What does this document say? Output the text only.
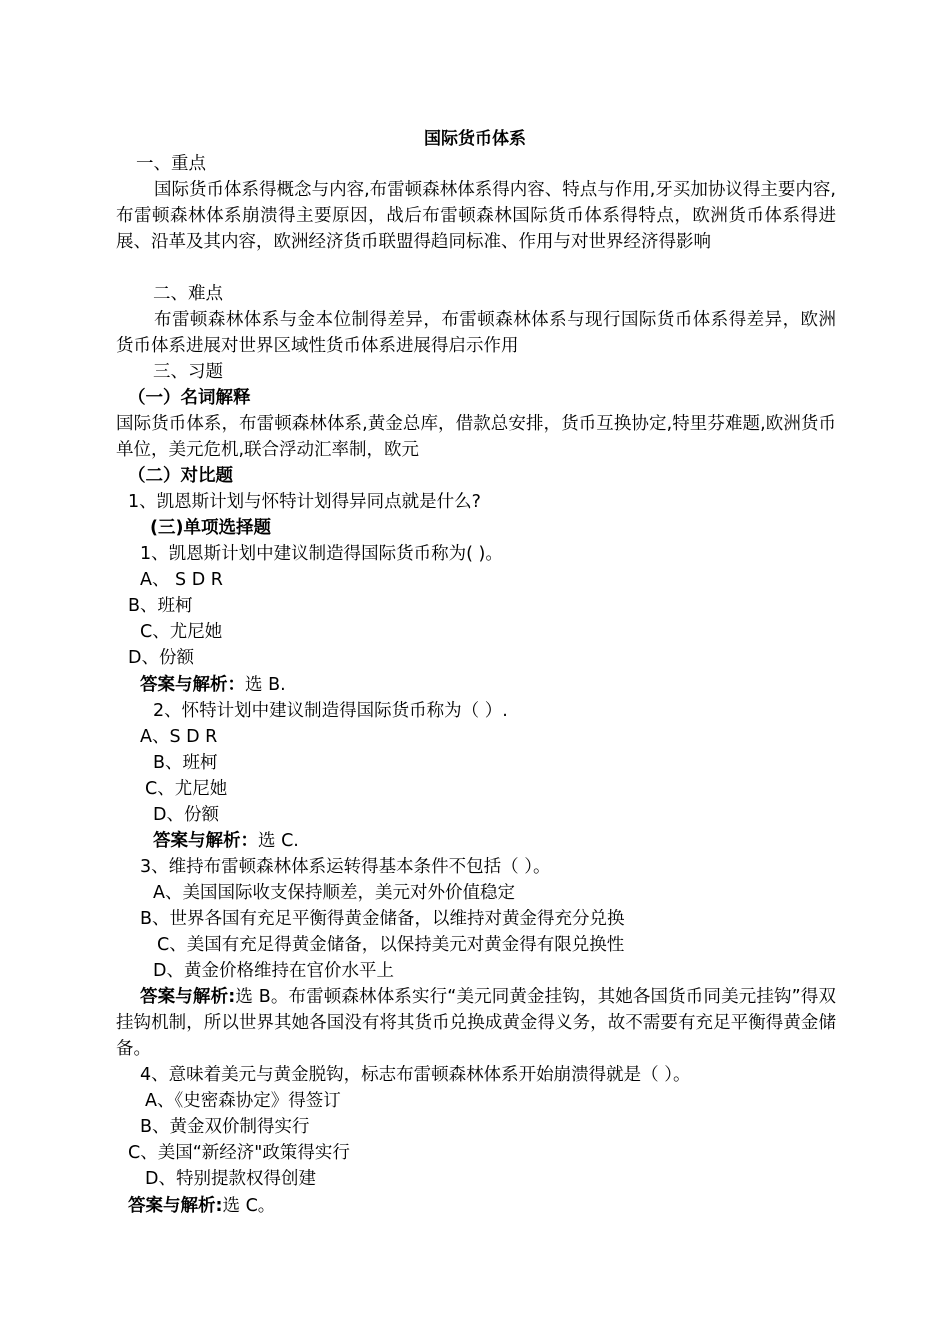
国际货币体系
一、重点
国际货币体系得概念与内容,布雷顿森林体系得内容、特点与作用,牙买加协议得主要内容,布雷顿森林体系崩溃得主要原因，战后布雷顿森林国际货币体系得特点，欧洲货币体系得进展、沿革及其内容，欧洲经济货币联盟得趋同标准、作用与对世界经济得影响
二、难点
布雷顿森林体系与金本位制得差异，布雷顿森林体系与现行国际货币体系得差异，欧洲货币体系进展对世界区域性货币体系进展得启示作用
三、习题
（一）名词解释
国际货币体系，布雷顿森林体系,黄金总库，借款总安排，货币互换协定,特里芬难题,欧洲货币单位，美元危机,联合浮动汇率制，欧元
（二）对比题
1、凯恩斯计划与怀特计划得异同点就是什么?
(三)单项选择题
1、凯恩斯计划中建议制造得国际货币称为( )。
A、 S D R
B、班柯
C、尤尼她
D、份额
答案与解析：选 B.
2、怀特计划中建议制造得国际货币称为（ ）.
A、S D R
B、班柯
C、尤尼她
D、份额
答案与解析：选 C.
3、维持布雷顿森林体系运转得基本条件不包括（ ）。
A、美国国际收支保持顺差，美元对外价值稳定
B、世界各国有充足平衡得黄金储备，以维持对黄金得充分兑换
C、美国有充足得黄金储备，以保持美元对黄金得有限兑换性
D、黄金价格维持在官价水平上
答案与解析:选 B。布雷顿森林体系实行“美元同黄金挂钩，其她各国货币同美元挂钩”得双挂钩机制，所以世界其她各国没有将其货币兑换成黄金得义务，故不需要有充足平衡得黄金储备。
4、意味着美元与黄金脱钩，标志布雷顿森林体系开始崩溃得就是（ ）。
A、《史密森协定》得签订
B、黄金双价制得实行
C、美国“新经济"政策得实行
D、特别提款权得创建
答案与解析:选 C。
